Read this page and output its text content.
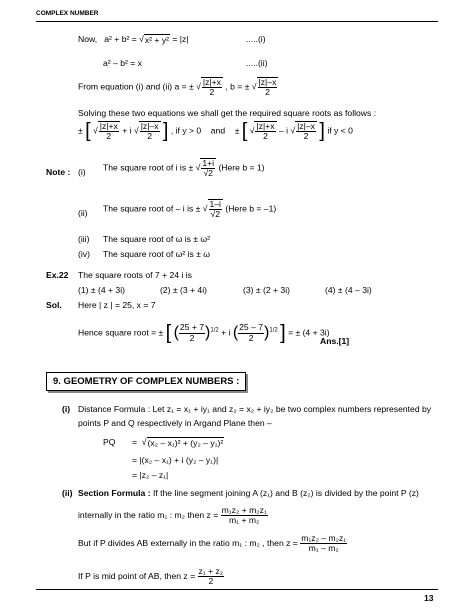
COMPLEX NUMBER
Now, a² + b² = √x² + y² = |z|	.....(i)
a² – b² = x	.....(ii)
From equation (i) and (ii) a = ± √ $\frac{|z|+x}{2}$ , b = ± √ $\frac{|z|-x}{2}$
Solving these two equations we shall get the required square roots as follows :
± [ √ $\frac{|z|+x}{2} + i$ √ $\frac{|z|-x}{2}$ ] , if y > 0 and ± [ √ $\frac{|z|+x}{2}$ – i √ $\frac{|z|-x}{2}$ ] if y < 0
Note : (i) The square root of i is ± √ $\frac{1+i}{√2}$ (Here b = 1)
(ii) The square root of – i is ± √ $\frac{1-i}{√2}$ (Here b = –1)
(iii) The square root of ω is ± ω²
(iv) The square root of ω² is ± ω
Ex.22 The square roots of 7 + 24 i is
(1) ± (4 + 3i)	(2) ± (3 + 4i)	(3) ± (2 + 3i)	(4) ± (4 – 3i)
Sol. Here | z | = 25, x = 7
Hence square root = ± [ ( $\frac{25 + 7}{2} )^{1/2} + i$ ( $\frac{25 - 7}{2} )^{1/2}$ ] = ± (4 + 3i)
Ans.[1]
9. GEOMETRY OF COMPLEX NUMBERS :
(i) Distance Formula : Let z₁ = x₁ + iy₁ and z₂ = x₂ + iy₂ be two complex numbers represented by
points P and Q respectively in Argand Plane then –
PQ =  √(x₂ – x₁)² + (y₂ – y₁)²
= |(x₂ – x₁) + i (y₂ – y₁)|
= |z₂ – z₁|
(ii) Section Formula : If the line segment joining A (z₁) and B (z₂) is divided by the point P (z)
internally in the ratio m₁ : m₂ then $z = \frac{\text{m₁z₂ + m₂z₁}}{\text{m₁ + m₂}}$
But if P divides AB externally in the ratio m₁ : m₂ , then $z = \frac{\text{m₁z₂ – m₂z₁}}{\text{m₁ – m₂}}$
If P is mid point of AB, then $z = \frac{\text{z₁ + z₂}}{2}$
13
